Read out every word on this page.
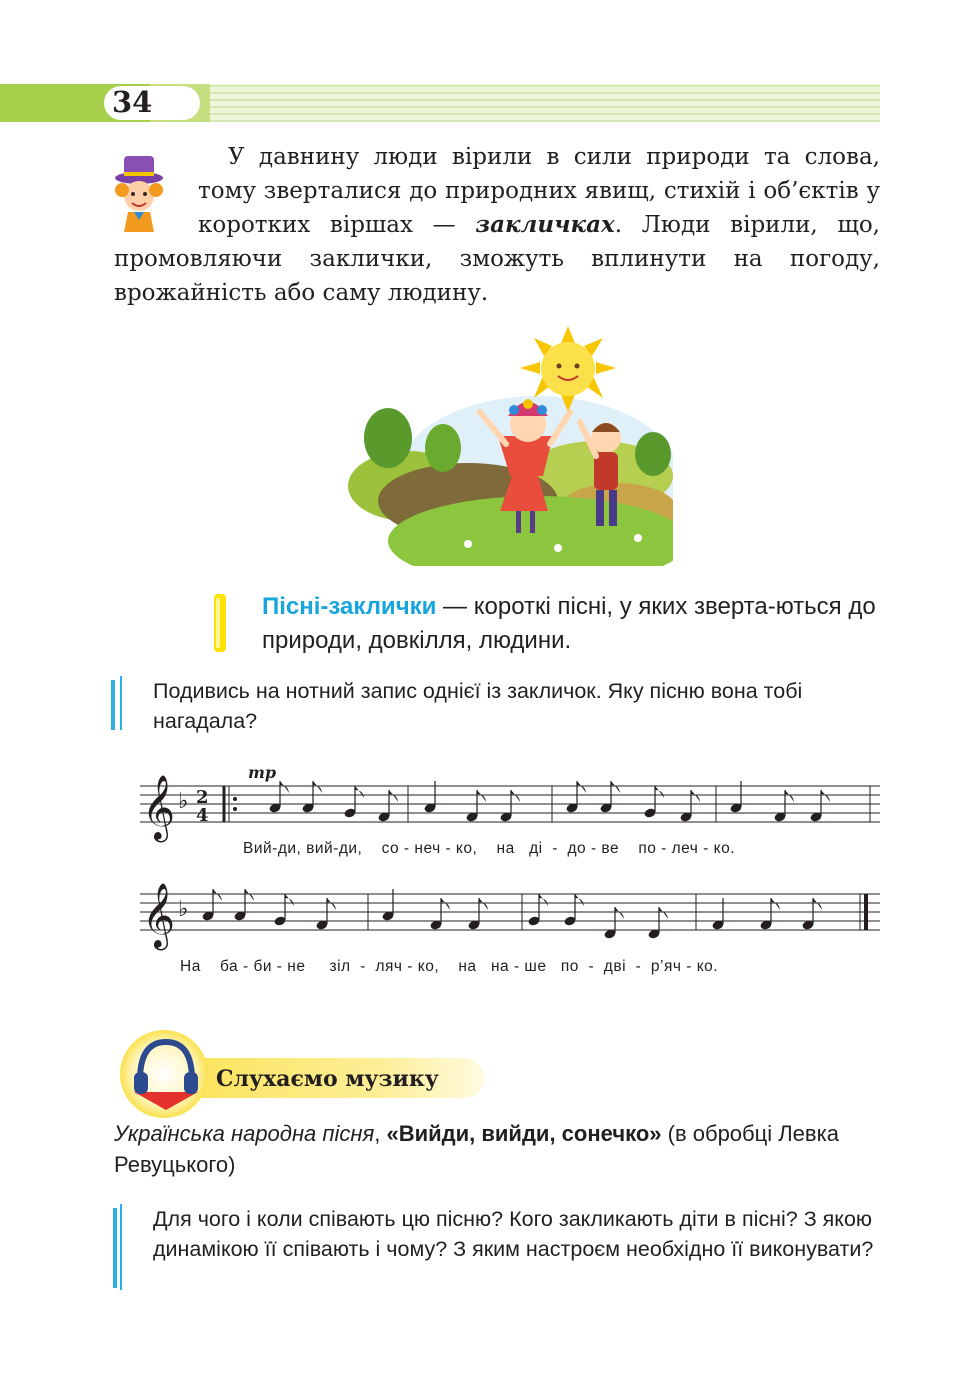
34

У давнину люди вірили в сили природи та слова, тому зверталися до природних явищ, стихій і об’єктів у коротких віршах — закличках. Люди вірили, що, промовляючи заклички, зможуть вплинути на погоду, врожайність або саму людину.

Пісні-заклички — короткі пісні, у яких зверта-ються до природи, довкілля, людини.

Подивись на нотний запис однієї із закличок. Яку пісню вона тобі нагадала?

𝄞 ♭ 2
4
mp
Вий-ди, вий-ди,    со - неч - ко,    на   ді  -  до - ве    по - леч - ко.
𝄞 ♭
На    ба - би - не     зіл  -  ляч - ко,    на   на - ше   по  -  дві  -  р’яч - ко.
Слухаємо музику

Українська народна пісня, «Вийди, вийди, сонечко» (в обробці Левка Ревуцького)

Для чого і коли співають цю пісню? Кого закликають діти в пісні? З якою динамікою її співають і чому? З яким настроєм необхідно її виконувати?
